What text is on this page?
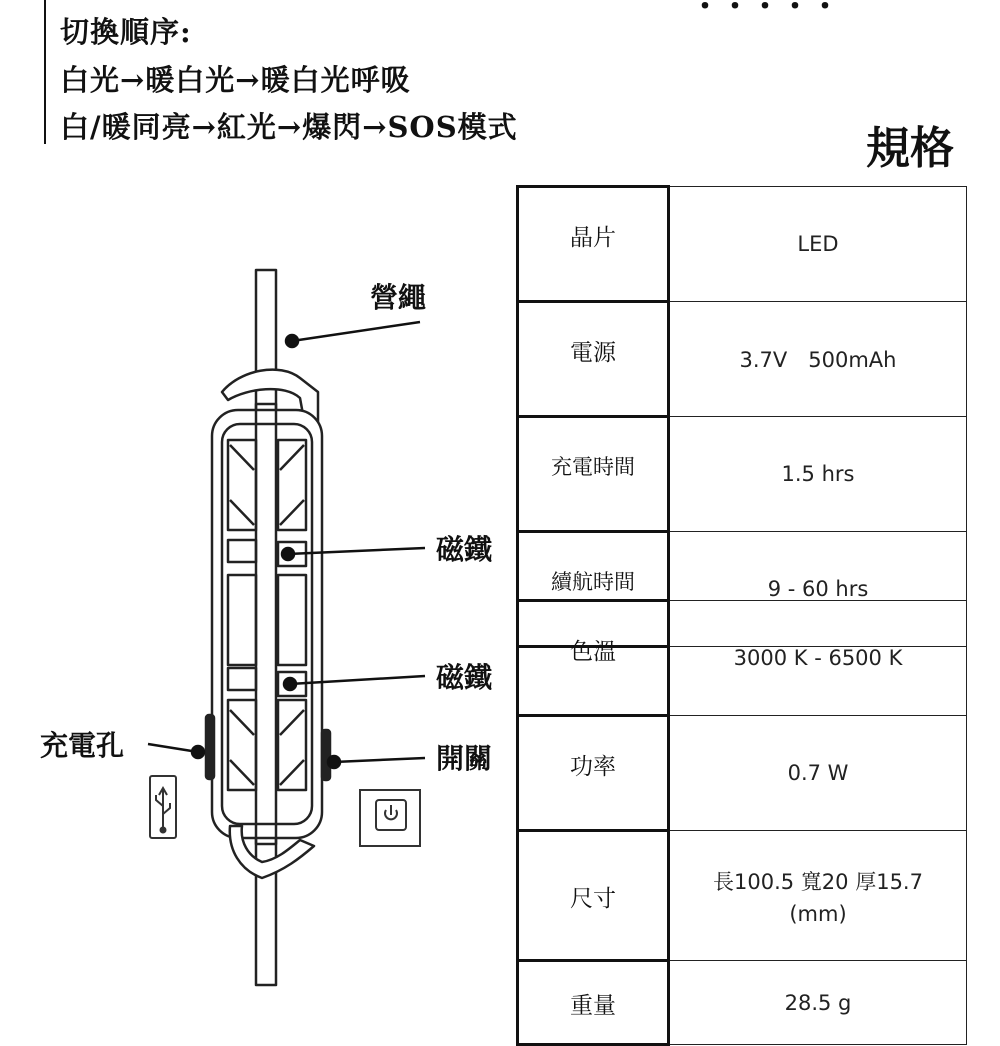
・・・・・
切換順序:
白光→暖白光→暖白光呼吸
白/暖同亮→紅光→爆閃→SOS模式	規格
晶片	LED
電源	3.7V　500mAh
充電時間	1.5 hrs
續航時間	9 - 60 hrs
色溫	3000 K - 6500 K
功率	0.7 W
尺寸	長100.5 寬20 厚15.7
(mm)

重量	28.5 g
營繩
磁鐵
磁鐵
開關
充電孔
